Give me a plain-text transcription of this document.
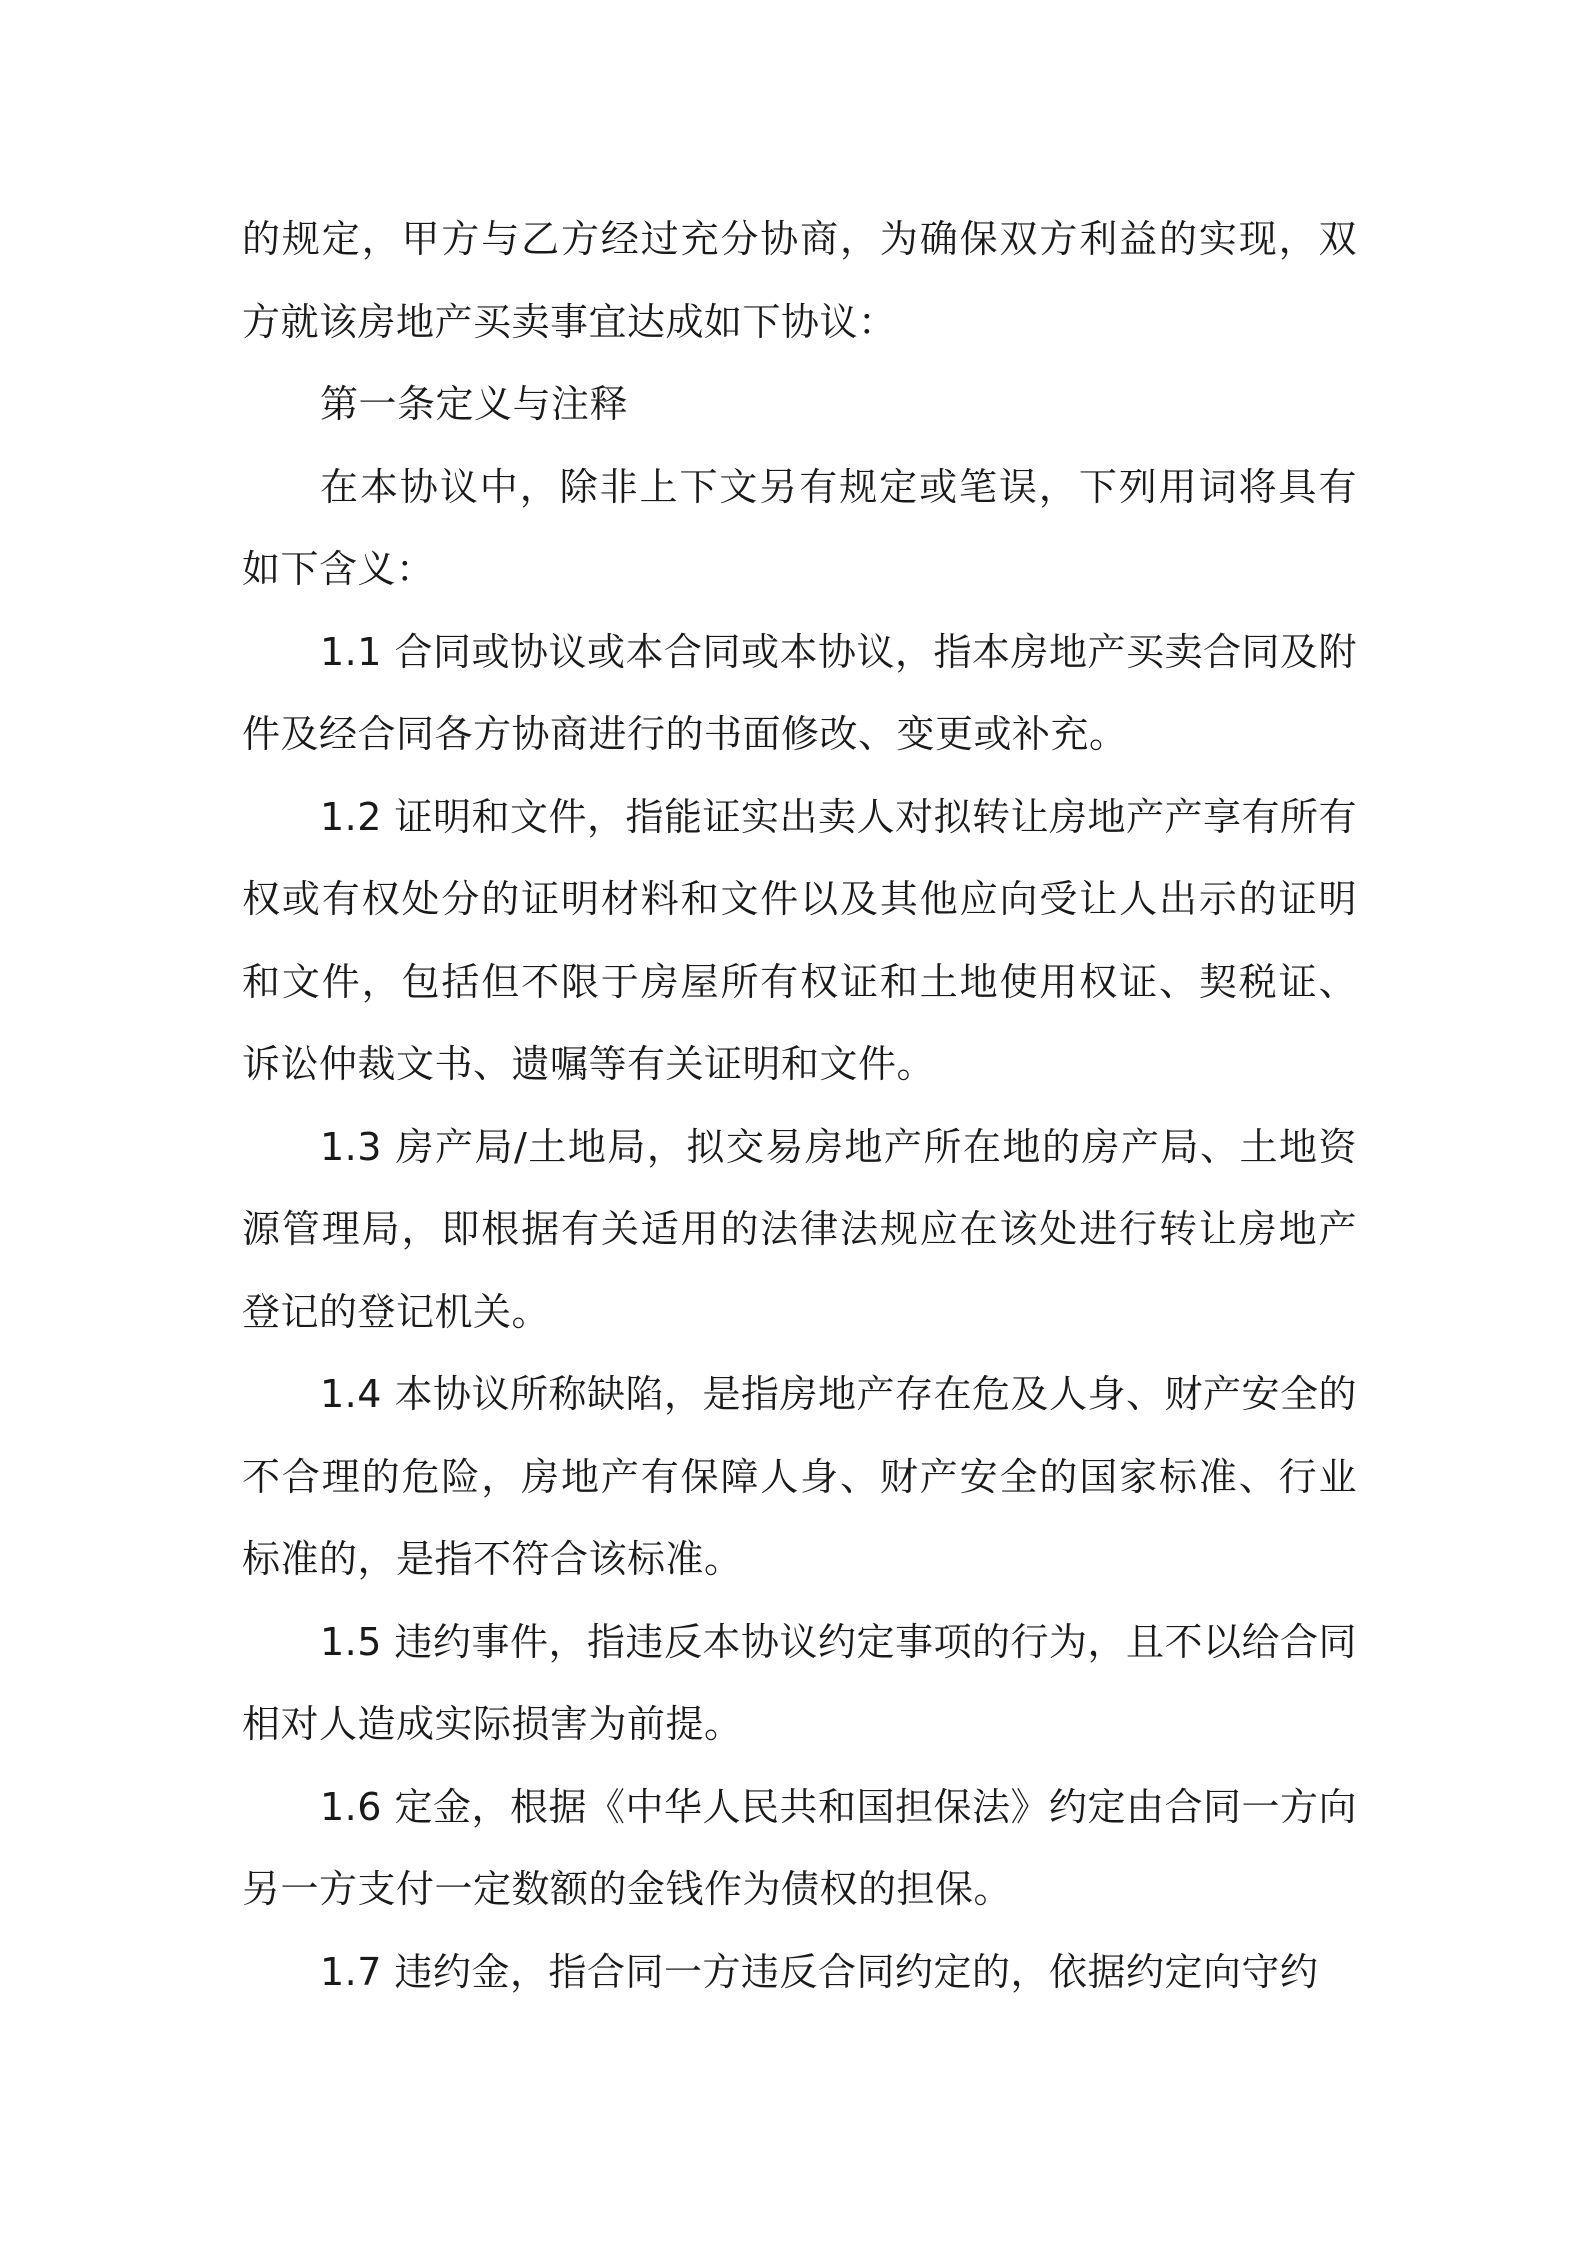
的规定，甲方与乙方经过充分协商，为确保双方利益的实现，双方就该房地产买卖事宜达成如下协议：

第一条定义与注释

在本协议中，除非上下文另有规定或笔误，下列用词将具有如下含义：

1.1 合同或协议或本合同或本协议，指本房地产买卖合同及附件及经合同各方协商进行的书面修改、变更或补充。

1.2 证明和文件，指能证实出卖人对拟转让房地产产享有所有权或有权处分的证明材料和文件以及其他应向受让人出示的证明和文件，包括但不限于房屋所有权证和土地使用权证、契税证、诉讼仲裁文书、遗嘱等有关证明和文件。

1.3 房产局/土地局，拟交易房地产所在地的房产局、土地资源管理局，即根据有关适用的法律法规应在该处进行转让房地产登记的登记机关。

1.4 本协议所称缺陷，是指房地产存在危及人身、财产安全的不合理的危险，房地产有保障人身、财产安全的国家标准、行业标准的，是指不符合该标准。

1.5 违约事件，指违反本协议约定事项的行为，且不以给合同相对人造成实际损害为前提。

1.6 定金，根据《中华人民共和国担保法》约定由合同一方向另一方支付一定数额的金钱作为债权的担保。

1.7 违约金，指合同一方违反合同约定的，依据约定向守约
